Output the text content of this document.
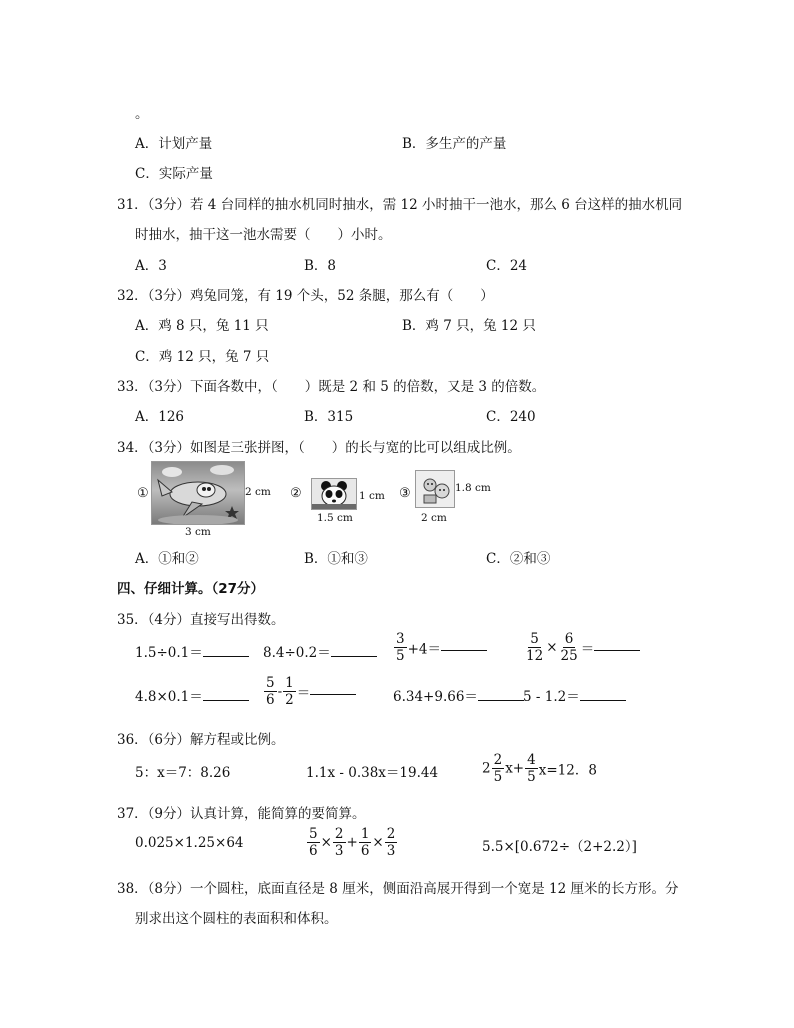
。
A．计划产量	B．多生产的产量
C．实际产量
31．（3分）若 4 台同样的抽水机同时抽水，需 12 小时抽干一池水，那么 6 台这样的抽水机同
时抽水，抽干这一池水需要（　　）小时。
A．3	B．8	C．24
32．（3分）鸡兔同笼，有 19 个头，52 条腿，那么有（　　）
A．鸡 8 只，兔 11 只	B．鸡 7 只，兔 12 只
C．鸡 12 只，兔 7 只
33．（3分）下面各数中，（　　）既是 2 和 5 的倍数，又是 3 的倍数。
A．126	B．315	C．240
34．（3分）如图是三张拼图，（　　）的长与宽的比可以组成比例。
①	2 cm
3 cm
②	1 cm
1.5 cm
③	1.8 cm
2 cm
A．①和②	B．①和③	C．②和③
四、仔细计算。（27分）
35．（4分）直接写出得数。
1.5÷0.1＝	8.4÷0.2＝	$\frac{3}{5} +4=$	$\frac{5}{12} \times \frac{6}{25}$ ＝
4.8×0.1＝	$\frac{5}{6} - \frac{1}{2}$ ＝	6.34+9.66＝	5 - 1.2＝
36．（6分）解方程或比例。
5：x＝7：8.26	1.1x - 0.38x＝19.44	$2 \frac{2}{5} x+ \frac{4}{5} x=12$．8
37．（9分）认真计算，能简算的要简算。
0.025×1.25×64	$\frac{5}{6} \times \frac{2}{3} + \frac{1}{6} \times \frac{2}{3}$	5.5×[0.672÷（2+2.2）]
38．（8分）一个圆柱，底面直径是 8 厘米，侧面沿高展开得到一个宽是 12 厘米的长方形。分
别求出这个圆柱的表面积和体积。
